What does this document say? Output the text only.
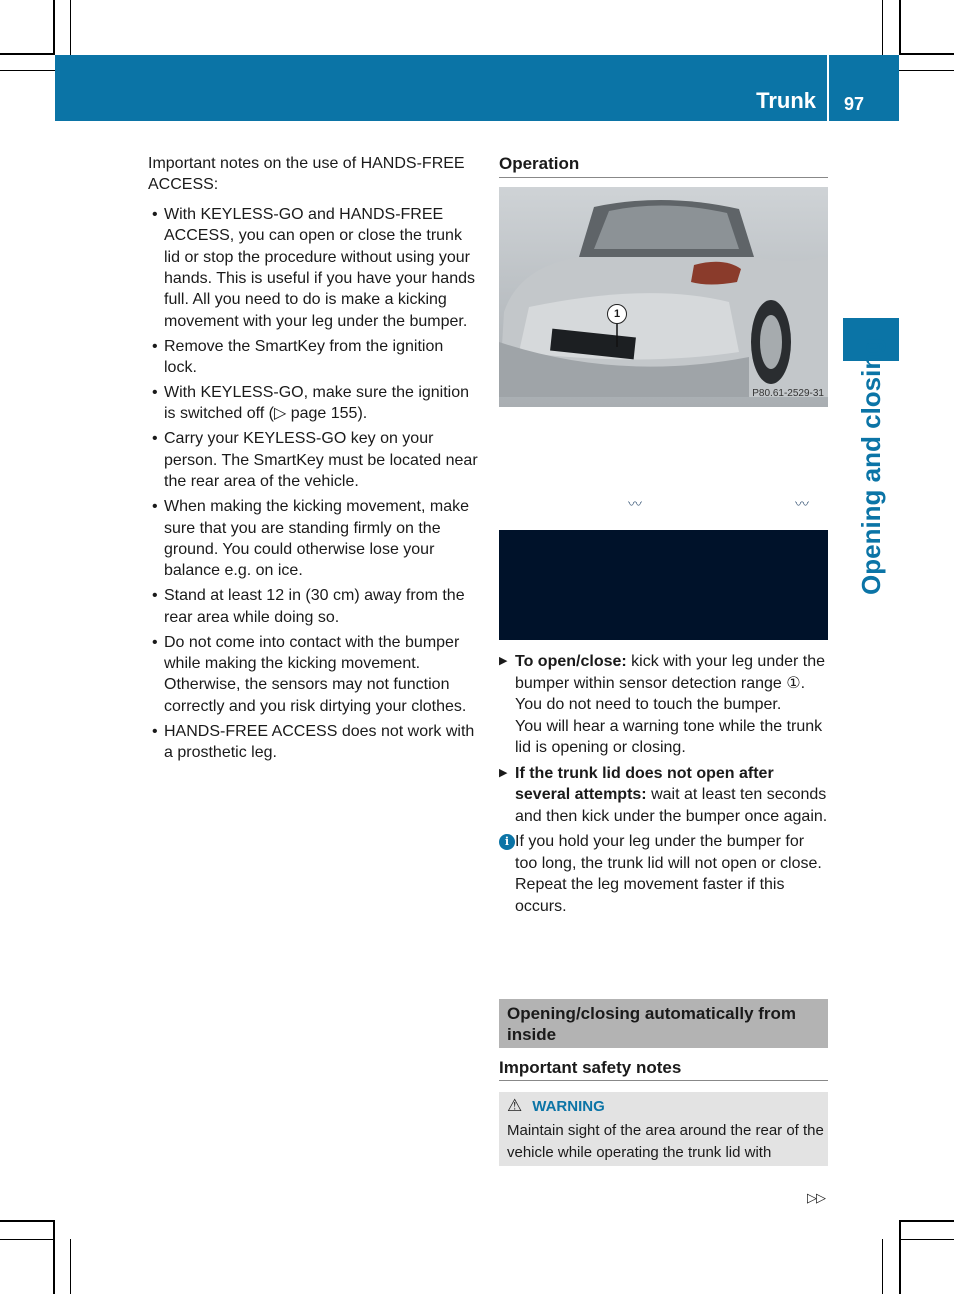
Trunk 97
Opening and closing

Important notes on the use of HANDS-FREE ACCESS:

• With KEYLESS-GO and HANDS-FREE ACCESS, you can open or close the trunk lid or stop the procedure without using your hands. This is useful if you have your hands full. All you need to do is make a kicking movement with your leg under the bumper.
• Remove the SmartKey from the ignition lock.
• With KEYLESS-GO, make sure the ignition is switched off (▷ page 155).
• Carry your KEYLESS-GO key on your person. The SmartKey must be located near the rear area of the vehicle.
• When making the kicking movement, make sure that you are standing firmly on the ground. You could otherwise lose your balance e.g. on ice.
• Stand at least 12 in (30 cm) away from the rear area while doing so.
• Do not come into contact with the bumper while making the kicking movement. Otherwise, the sensors may not function correctly and you risk dirtying your clothes.
• HANDS-FREE ACCESS does not work with a prosthetic leg.
Operation
P80.61-2529-31
1
〰	〰
▶ To open/close: kick with your leg under the bumper within sensor detection range ①. You do not need to touch the bumper.
You will hear a warning tone while the trunk lid is opening or closing.
▶ If the trunk lid does not open after several attempts: wait at least ten seconds and then kick under the bumper once again.
i If you hold your leg under the bumper for too long, the trunk lid will not open or close. Repeat the leg movement faster if this occurs.
Opening/closing automatically from inside
Important safety notes
⚠ WARNING
Maintain sight of the area around the rear of the vehicle while operating the trunk lid with
▷▷
